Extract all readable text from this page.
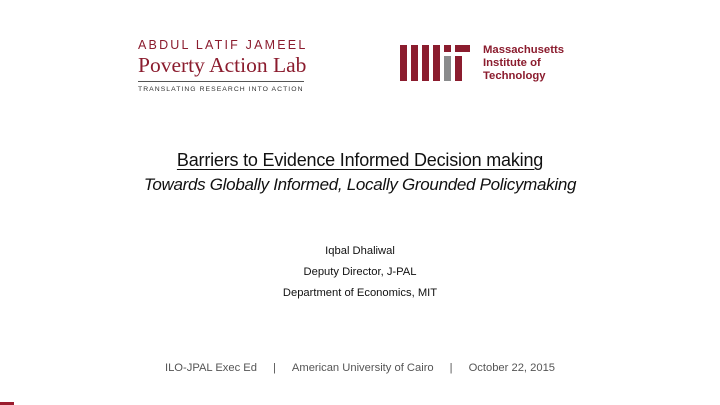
ABDUL LATIF JAMEEL
Poverty Action Lab
TRANSLATING RESEARCH INTO ACTION
Massachusetts
Institute of
Technology
Barriers to Evidence Informed Decision making
Towards Globally Informed, Locally Grounded Policymaking
Iqbal Dhaliwal
Deputy Director, J-PAL
Department of Economics, MIT
ILO-JPAL Exec Ed | American University of Cairo | October 22, 2015
